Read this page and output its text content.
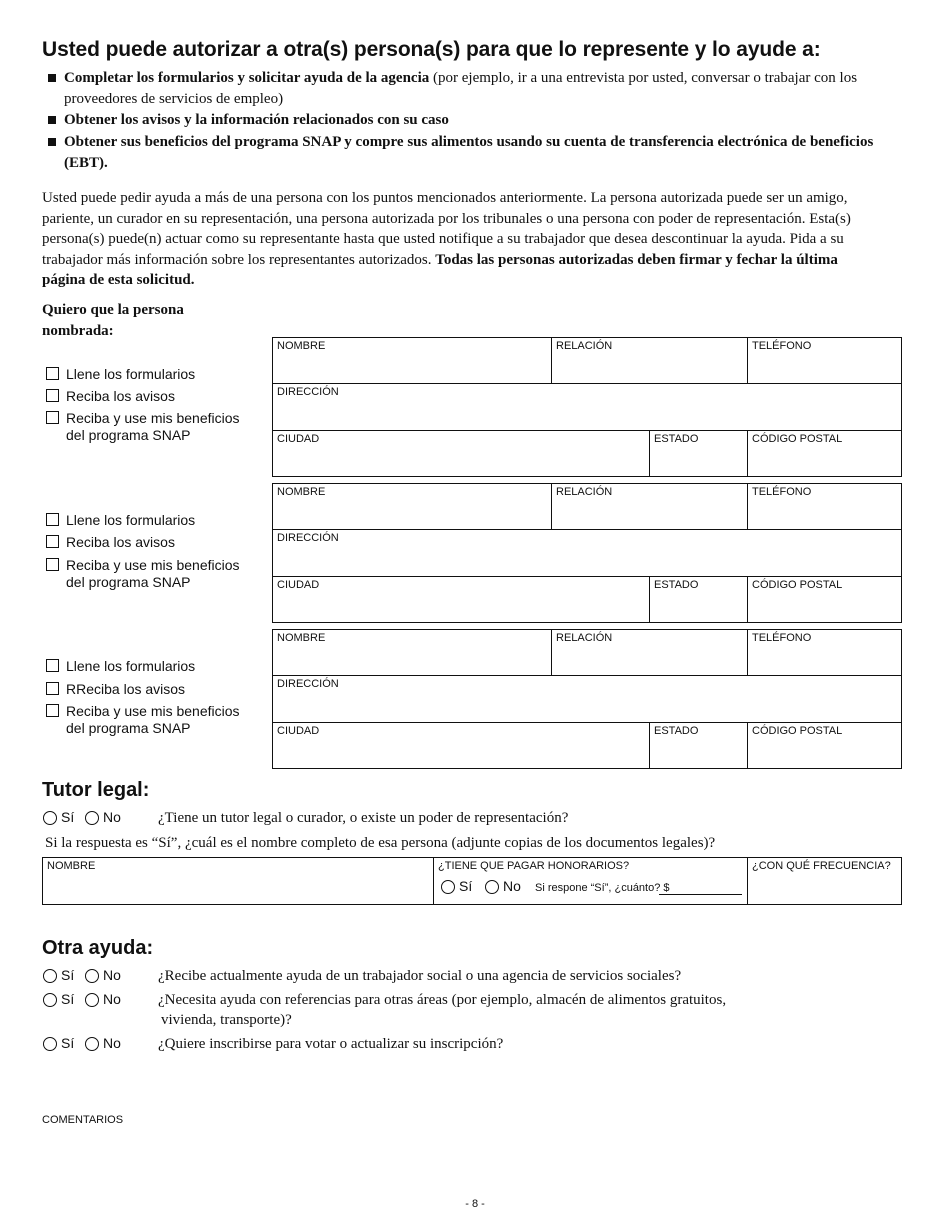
Usted puede autorizar a otra(s) persona(s) para que lo represente y lo ayude a:
Completar los formularios y solicitar ayuda de la agencia (por ejemplo, ir a una entrevista por usted, conversar o trabajar con los proveedores de servicios de empleo)
Obtener los avisos y la información relacionados con su caso
Obtener sus beneficios del programa SNAP y compre sus alimentos usando su cuenta de transferencia electrónica de beneficios (EBT).
Usted puede pedir ayuda a más de una persona con los puntos mencionados anteriormente. La persona autorizada puede ser un amigo, pariente, un curador en su representación, una persona autorizada por los tribunales o una persona con poder de representación. Esta(s) persona(s) puede(n) actuar como su representante hasta que usted notifique a su trabajador que desea descontinuar la ayuda. Pida a su trabajador más información sobre los representantes autorizados. Todas las personas autorizadas deben firmar y fechar la última página de esta solicitud.
Quiero que la persona nombrada:
Llene los formularios
Reciba los avisos
Reciba y use mis beneficios
del programa SNAP
NOMBRE	RELACIÓN	TELÉFONO
DIRECCIÓN
CIUDAD	ESTADO	CÓDIGO POSTAL
Llene los formularios
Reciba los avisos
Reciba y use mis beneficios
del programa SNAP
NOMBRE	RELACIÓN	TELÉFONO
DIRECCIÓN
CIUDAD	ESTADO	CÓDIGO POSTAL
Llene los formularios
RReciba los avisos
Reciba y use mis beneficios
del programa SNAP
NOMBRE	RELACIÓN	TELÉFONO
DIRECCIÓN
CIUDAD	ESTADO	CÓDIGO POSTAL
Tutor legal:
Sí No ¿Tiene un tutor legal o curador, o existe un poder de representación?
Si la respuesta es “Sí”, ¿cuál es el nombre completo de esa persona (adjunte copias de los documentos legales)?
NOMBRE	¿TIENE QUE PAGAR HONORARIOS?	¿CON QUÉ FRECUENCIA?
Sí No Si respone “Sí”, ¿cuánto? $
Otra ayuda:
Sí No ¿Recibe actualmente ayuda de un trabajador social o una agencia de servicios sociales?
Sí No ¿Necesita ayuda con referencias para otras áreas (por ejemplo, almacén de alimentos gratuitos,
vivienda, transporte)?
Sí No ¿Quiere inscribirse para votar o actualizar su inscripción?
COMENTARIOS
- 8 -
